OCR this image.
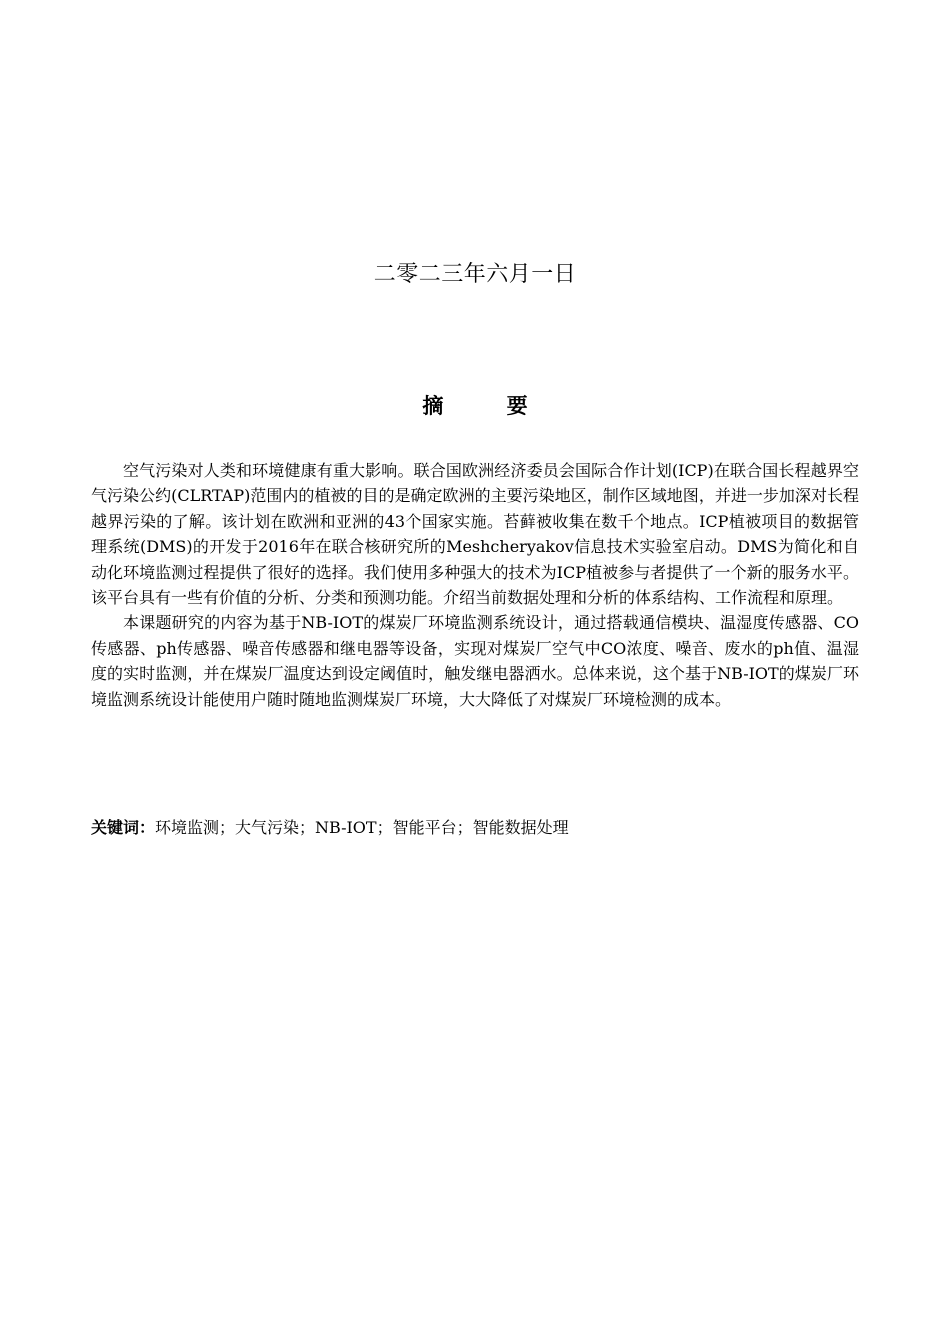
二零二三年六月一日
摘 要

空气污染对人类和环境健康有重大影响。联合国欧洲经济委员会国际合作计划(ICP)在联合国长程越界空气污染公约(CLRTAP)范围内的植被的目的是确定欧洲的主要污染地区，制作区域地图，并进一步加深对长程越界污染的了解。该计划在欧洲和亚洲的43个国家实施。苔藓被收集在数千个地点。ICP植被项目的数据管理系统(DMS)的开发于2016年在联合核研究所的Meshcheryakov信息技术实验室启动。DMS为简化和自动化环境监测过程提供了很好的选择。我们使用多种强大的技术为ICP植被参与者提供了一个新的服务水平。该平台具有一些有价值的分析、分类和预测功能。介绍当前数据处理和分析的体系结构、工作流程和原理。

本课题研究的内容为基于NB-IOT的煤炭厂环境监测系统设计，通过搭载通信模块、温湿度传感器、CO传感器、ph传感器、噪音传感器和继电器等设备，实现对煤炭厂空气中CO浓度、噪音、废水的ph值、温湿度的实时监测，并在煤炭厂温度达到设定阈值时，触发继电器洒水。总体来说，这个基于NB-IOT的煤炭厂环境监测系统设计能使用户随时随地监测煤炭厂环境，大大降低了对煤炭厂环境检测的成本。

关键词：环境监测；大气污染；NB-IOT；智能平台；智能数据处理
